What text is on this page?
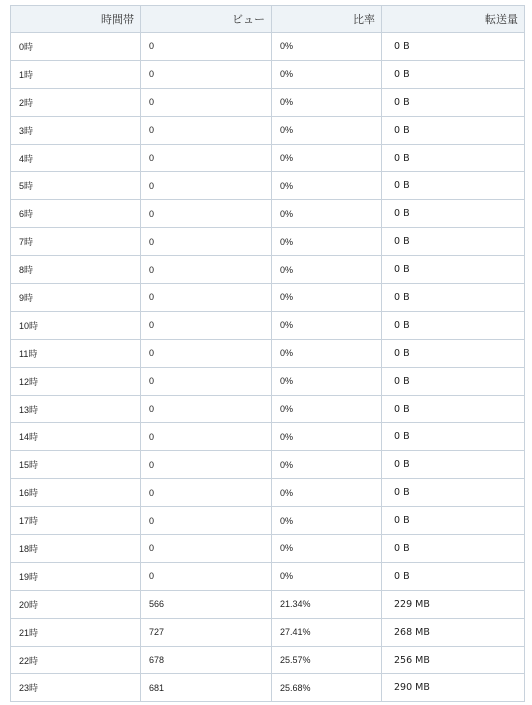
時間帯	ビュー	比率	転送量
0時	0	0%	0 B
1時	0	0%	0 B
2時	0	0%	0 B
3時	0	0%	0 B
4時	0	0%	0 B
5時	0	0%	0 B
6時	0	0%	0 B
7時	0	0%	0 B
8時	0	0%	0 B
9時	0	0%	0 B
10時	0	0%	0 B
11時	0	0%	0 B
12時	0	0%	0 B
13時	0	0%	0 B
14時	0	0%	0 B
15時	0	0%	0 B
16時	0	0%	0 B
17時	0	0%	0 B
18時	0	0%	0 B
19時	0	0%	0 B
20時	566	21.34%	229 MB
21時	727	27.41%	268 MB
22時	678	25.57%	256 MB
23時	681	25.68%	290 MB
